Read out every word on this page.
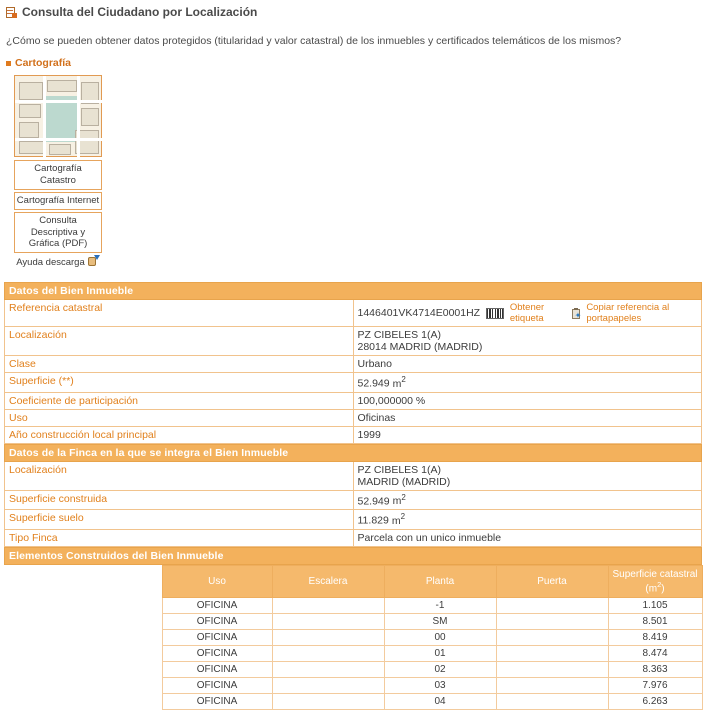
Consulta del Ciudadano por Localización
¿Cómo se pueden obtener datos protegidos (titularidad y valor catastral) de los inmuebles y certificados telemáticos de los mismos?
Cartografía
Cartografía Catastro
Cartografía Internet
Consulta Descriptiva y Gráfica (PDF)
Ayuda descarga
Datos del Bien Inmueble	
Referencia catastral	1446401VK4714E0001HZ Obtener etiqueta ✦
Copiar referencia al portapapeles

Localización	PZ CIBELES 1(A)
28014 MADRID (MADRID)

Clase	Urbano
Superficie (**)	52.949 $m^2$
Coeficiente de participación	100,000000 %
Uso	Oficinas
Año construcción local principal	1999
Datos de la Finca en la que se integra el Bien Inmueble	
Localización	PZ CIBELES 1(A)
MADRID (MADRID)

Superficie construida	52.949 $m^2$
Superficie suelo	11.829 $m^2$
Tipo Finca	Parcela con un unico inmueble
Elementos Construidos del Bien Inmueble
	Uso	Escalera	Planta	Puerta	Superficie catastral $(m^2)$
	OFICINA		-1		1.105
	OFICINA		SM		8.501
	OFICINA		00		8.419
	OFICINA		01		8.474
	OFICINA		02		8.363
	OFICINA		03		7.976
	OFICINA		04		6.263
